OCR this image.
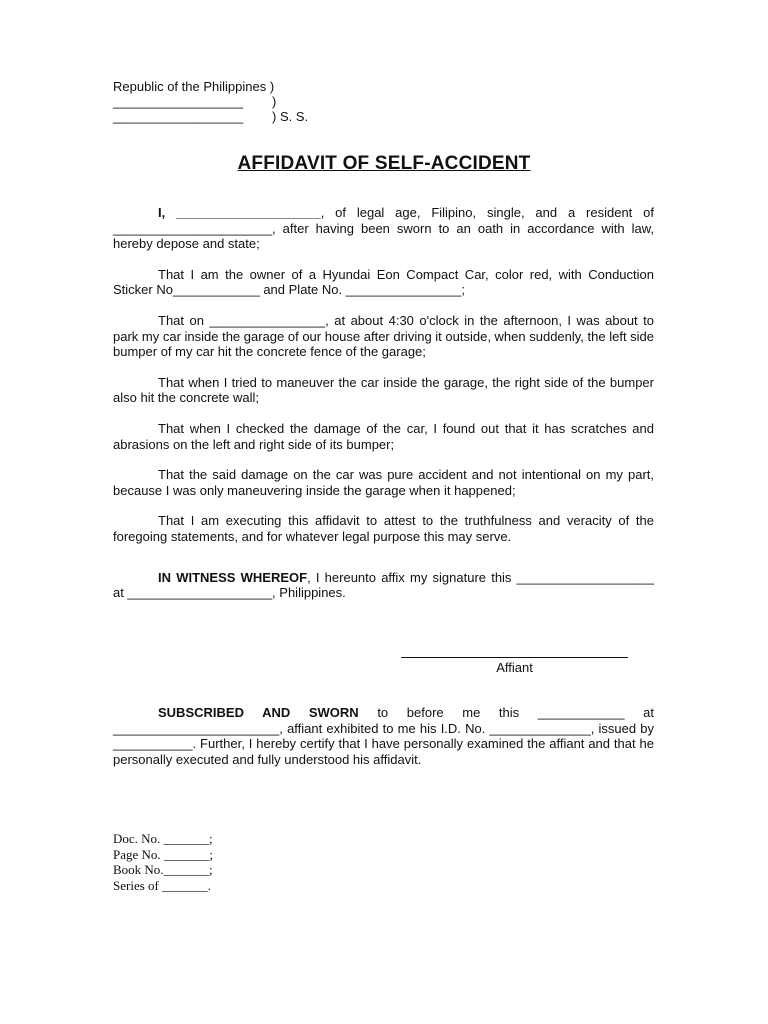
Republic of the Philippines )
__________________        )
__________________        ) S. S.
AFFIDAVIT OF SELF-ACCIDENT

I, ____________________, of legal age, Filipino, single, and a resident of ______________________, after having been sworn to an oath in accordance with law, hereby depose and state;

That I am the owner of a Hyundai Eon Compact Car, color red, with Conduction Sticker No____________ and Plate No. ________________;

That on ________________, at about 4:30 o'clock in the afternoon, I was about to park my car inside the garage of our house after driving it outside, when suddenly, the left side bumper of my car hit the concrete fence of the garage;

That when I tried to maneuver the car inside the garage, the right side of the bumper also hit the concrete wall;

That when I checked the damage of the car, I found out that it has scratches and abrasions on the left and right side of its bumper;

That the said damage on the car was pure accident and not intentional on my part, because I was only maneuvering inside the garage when it happened;

That I am executing this affidavit to attest to the truthfulness and veracity of the foregoing statements, and for whatever legal purpose this may serve.

IN WITNESS WHEREOF, I hereunto affix my signature this ___________________ at ____________________, Philippines.

Affiant

SUBSCRIBED AND SWORN to before me this ____________ at _______________________, affiant exhibited to me his I.D. No. ______________, issued by ___________. Further, I hereby certify that I have personally examined the affiant and that he personally executed and fully understood his affidavit.

Doc. No. _______;
Page No. _______;
Book No._______;
Series of _______.
